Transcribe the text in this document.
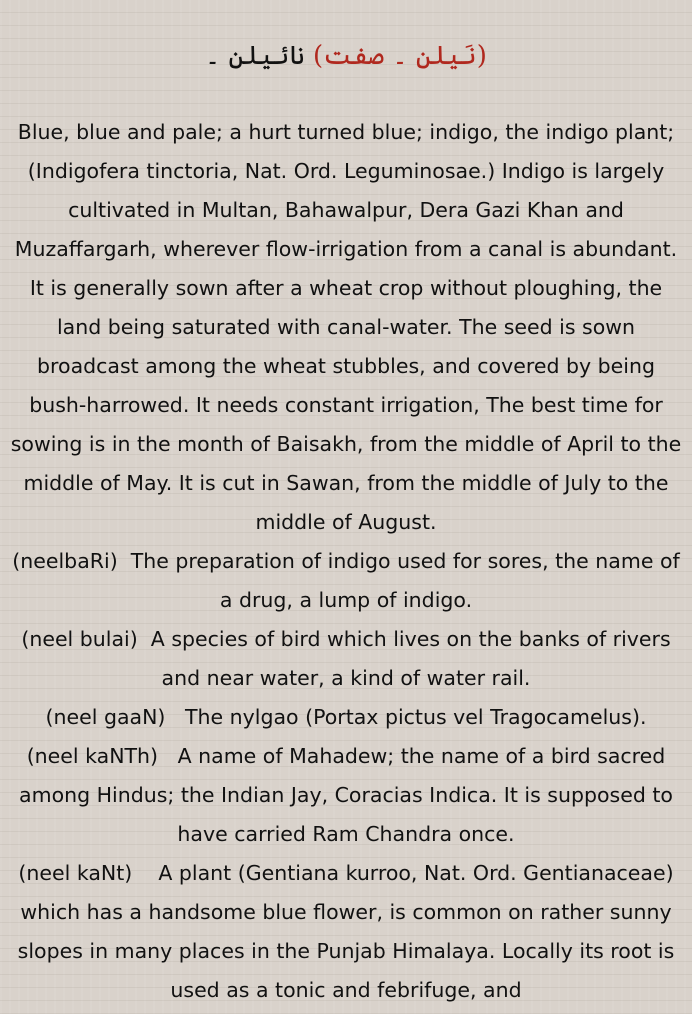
(نَیلن ۔ صفت) نائیلن ۔

Blue, blue and pale; a hurt turned blue; indigo, the indigo plant; (Indigofera tinctoria, Nat. Ord. Leguminosae.) Indigo is largely cultivated in Multan, Bahawalpur, Dera Gazi Khan and Muzaffargarh, wherever flow-irrigation from a canal is abundant. It is generally sown after a wheat crop without ploughing, the land being saturated with canal-water. The seed is sown broadcast among the wheat stubbles, and covered by being bush-harrowed. It needs constant irrigation, The best time for sowing is in the month of Baisakh, from the middle of April to the middle of May. It is cut in Sawan, from the middle of July to the middle of August.

(neelbaRi) The preparation of indigo used for sores, the name of a drug, a lump of indigo.

(neel bulai) A species of bird which lives on the banks of rivers and near water, a kind of water rail.

(neel gaaN) The nylgao (Portax pictus vel Tragocamelus).

(neel kaNTh) A name of Mahadew; the name of a bird sacred among Hindus; the Indian Jay, Coracias Indica. It is supposed to have carried Ram Chandra once.

(neel kaNt) A plant (Gentiana kurroo, Nat. Ord. Gentianaceae) which has a handsome blue flower, is common on rather sunny slopes in many places in the Punjab Himalaya. Locally its root is used as a tonic and febrifuge, and
